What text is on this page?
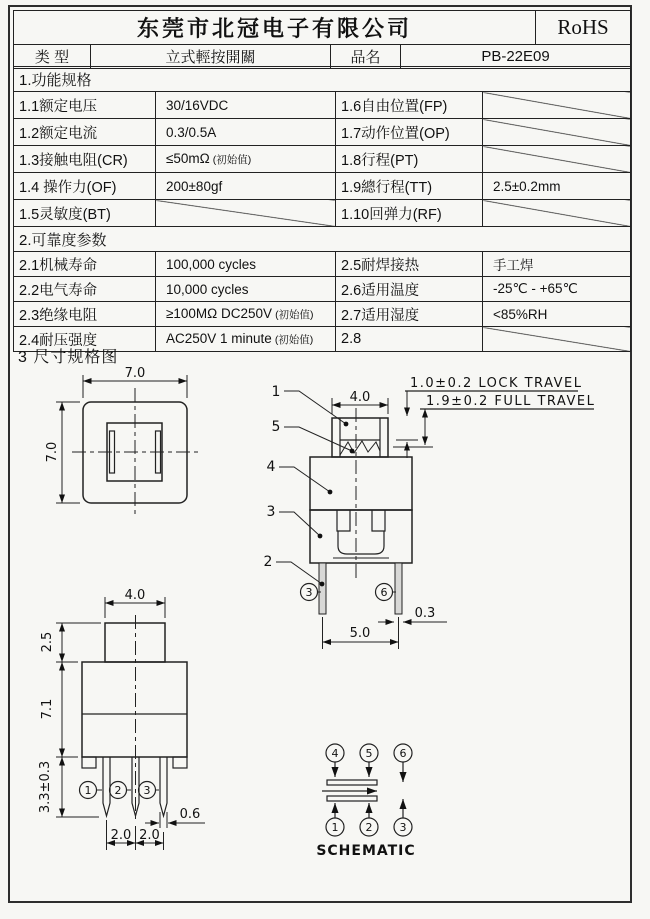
东莞市北冠电子有限公司				RoHS
类 型	立式輕按開關	品名	PB-22E09	
1.功能规格			
1.1额定电压	30/16VDC	1.6自由位置(FP)	
1.2额定电流	0.3/0.5A	1.7动作位置(OP)	
1.3接触电阻(CR)	≤50mΩ (初始值)	1.8行程(PT)	
1.4 操作力(OF)	200±80gf	1.9總行程(TT)	2.5±0.2mm
1.5灵敏度(BT)		1.10回弹力(RF)	
2.可靠度参数			
2.1机械寿命	100,000 cycles	2.5耐焊接热	手工焊
2.2电气寿命	10,000 cycles	2.6适用温度	-25℃ - +65℃
2.3绝缘电阻	≥100MΩ DC250V (初始值)	2.7适用湿度	<85%RH
2.4耐压强度	AC250V 1 minute (初始值)	2.8	
3 尺寸规格图
7.0
7.0
1
5
4
3
2
4.0
1.0±0.2 LOCK TRAVEL
1.9±0.2 FULL TRAVEL
3	6
0.3
5.0
1 2 3
4.0
2.5
7.1
3.3±0.3
0.6
2.0 2.0
4 5 6
1 2 3
SCHEMATIC
